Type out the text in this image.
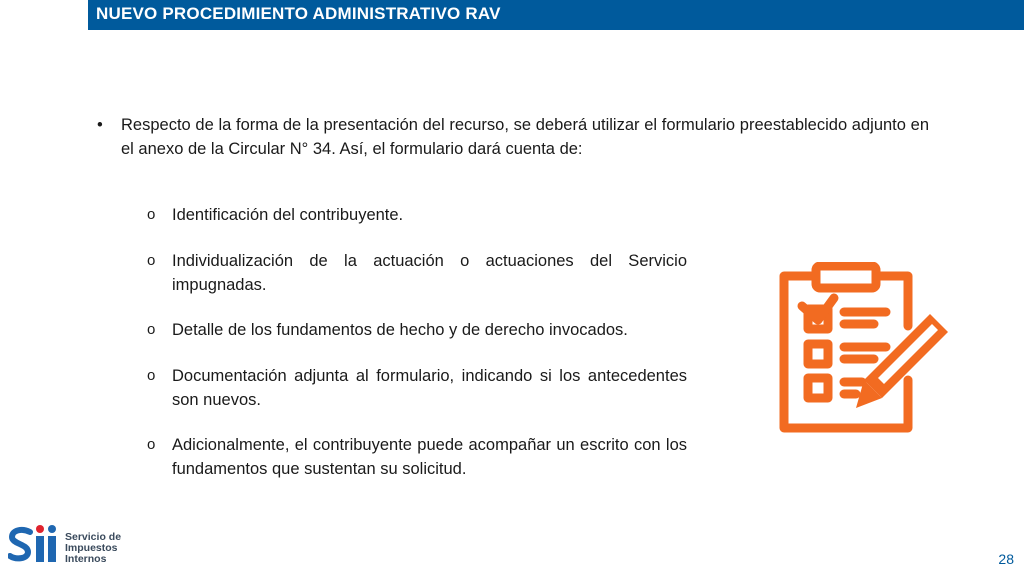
NUEVO PROCEDIMIENTO ADMINISTRATIVO RAV
• Respecto de la forma de la presentación del recurso, se deberá utilizar el formulario preestablecido adjunto en el anexo de la Circular N° 34. Así, el formulario dará cuenta de:
o Identificación del contribuyente.
o Individualización de la actuación o actuaciones del Servicio impugnadas.
o Detalle de los fundamentos de hecho y de derecho invocados.
o Documentación adjunta al formulario, indicando si los antecedentes son nuevos.
o Adicionalmente, el contribuyente puede acompañar un escrito con los fundamentos que sustentan su solicitud.
Servicio de
Impuestos
Internos	28
